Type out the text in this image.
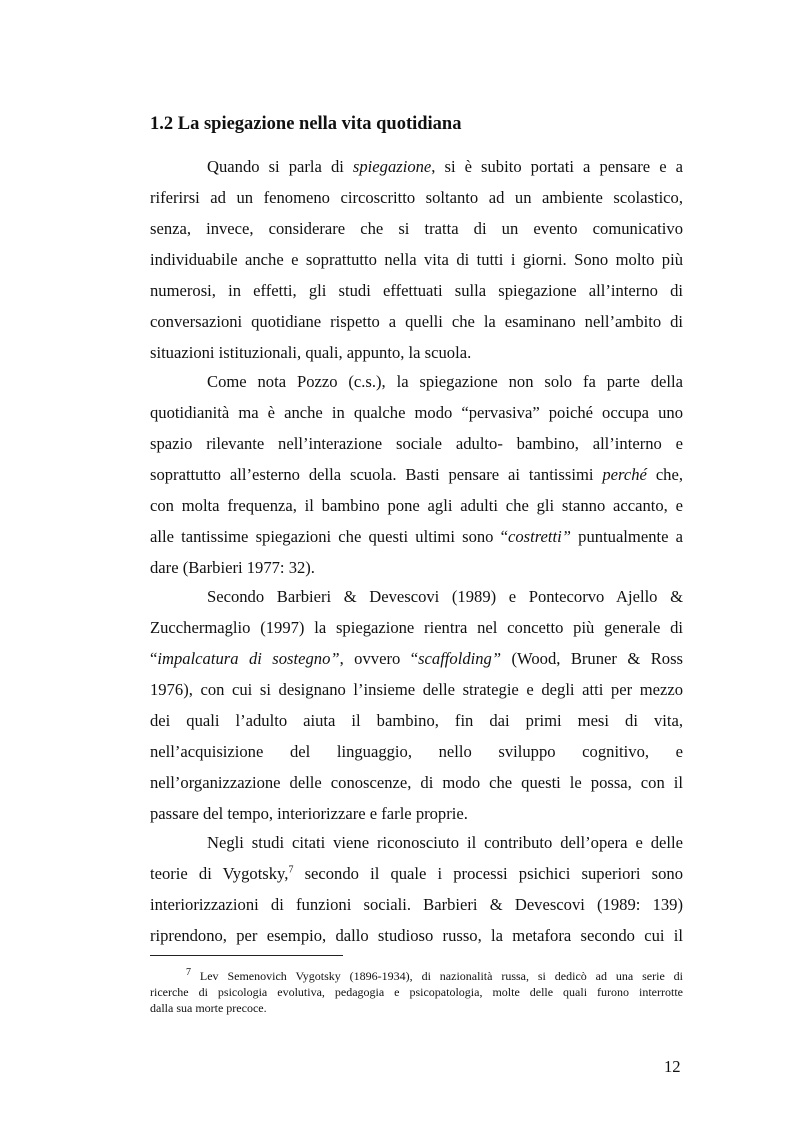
1.2 La spiegazione nella vita quotidiana
Quando si parla di spiegazione, si è subito portati a pensare e a
riferirsi ad un fenomeno circoscritto soltanto ad un ambiente scolastico,
senza, invece, considerare che si tratta di un evento comunicativo
individuabile anche e soprattutto nella vita di tutti i giorni. Sono molto più
numerosi, in effetti, gli studi effettuati sulla spiegazione all’interno di
conversazioni quotidiane rispetto a quelli che la esaminano nell’ambito di
situazioni istituzionali, quali, appunto, la scuola.
Come nota Pozzo (c.s.), la spiegazione non solo fa parte della
quotidianità ma è anche in qualche modo “pervasiva” poiché occupa uno
spazio rilevante nell’interazione sociale adulto- bambino, all’interno e
soprattutto all’esterno della scuola. Basti pensare ai tantissimi perché che,
con molta frequenza, il bambino pone agli adulti che gli stanno accanto, e
alle tantissime spiegazioni che questi ultimi sono “costretti” puntualmente a
dare (Barbieri 1977: 32).
Secondo Barbieri & Devescovi (1989) e Pontecorvo Ajello &
Zucchermaglio (1997) la spiegazione rientra nel concetto più generale di
“impalcatura di sostegno”, ovvero “scaffolding” (Wood, Bruner & Ross
1976), con cui si designano l’insieme delle strategie e degli atti per mezzo
dei quali l’adulto aiuta il bambino, fin dai primi mesi di vita,
nell’acquisizione del linguaggio, nello sviluppo cognitivo, e
nell’organizzazione delle conoscenze, di modo che questi le possa, con il
passare del tempo, interiorizzare e farle proprie.
Negli studi citati viene riconosciuto il contributo dell’opera e delle
teorie di Vygotsky,$^7$ secondo il quale i processi psichici superiori sono
interiorizzazioni di funzioni sociali. Barbieri & Devescovi (1989: 139)
riprendono, per esempio, dallo studioso russo, la metafora secondo cui il
$^7$ Lev Semenovich Vygotsky (1896-1934), di nazionalità russa, si dedicò ad una serie di
ricerche di psicologia evolutiva, pedagogia e psicopatologia, molte delle quali furono interrotte
dalla sua morte precoce.
12
